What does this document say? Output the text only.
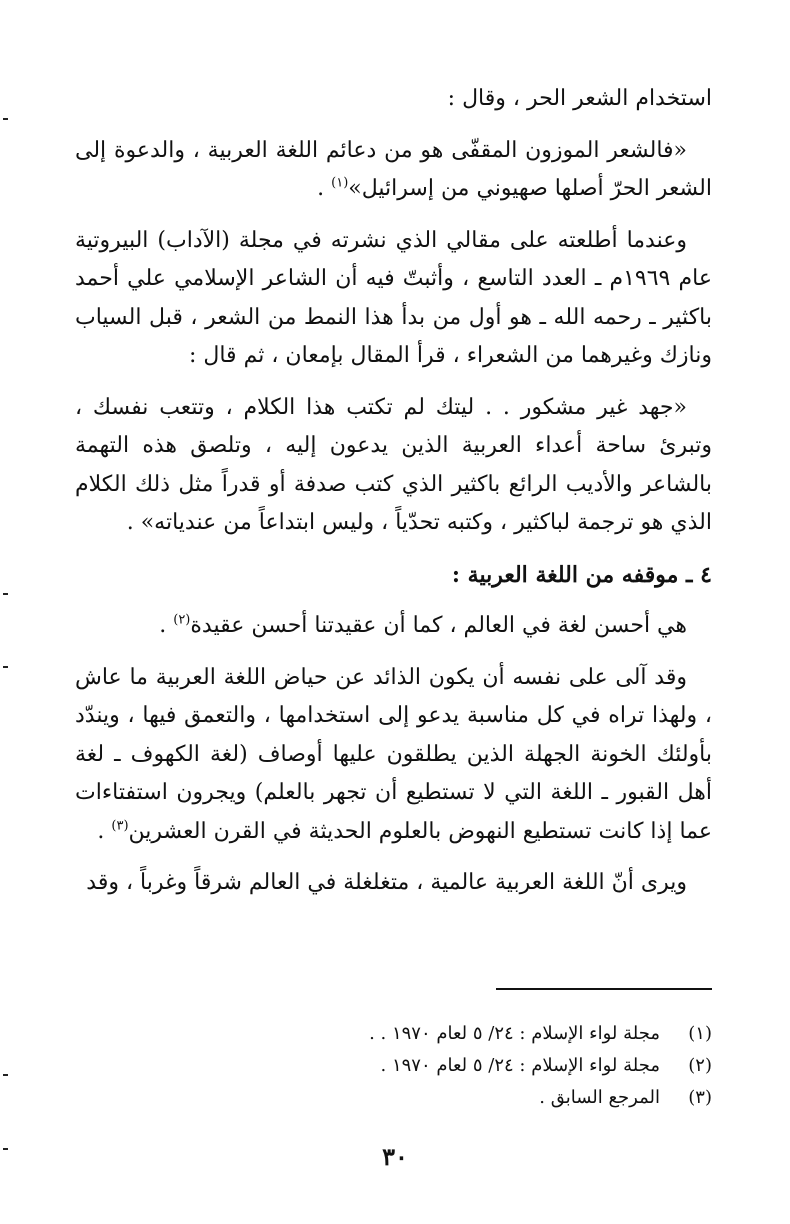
استخدام الشعر الحر ، وقال :

«فالشعر الموزون المقفّى هو من دعائم اللغة العربية ، والدعوة إلى الشعر الحرّ أصلها صهيوني من إسرائيل»$^{(١)}$ .

وعندما أطلعته على مقالي الذي نشرته في مجلة (الآداب) البيروتية عام ١٩٦٩م ـ العدد التاسع ، وأثبتّ فيه أن الشاعر الإسلامي علي أحمد باكثير ـ رحمه الله ـ هو أول من بدأ هذا النمط من الشعر ، قبل السياب ونازك وغيرهما من الشعراء ، قرأ المقال بإمعان ، ثم قال :

«جهد غير مشكور . . ليتك لم تكتب هذا الكلام ، وتتعب نفسك ، وتبرئ ساحة أعداء العربية الذين يدعون إليه ، وتلصق هذه التهمة بالشاعر والأديب الرائع باكثير الذي كتب صدفة أو قدراً مثل ذلك الكلام الذي هو ترجمة لباكثير ، وكتبه تحدّياً ، وليس ابتداعاً من عندياته» .

٤ ـ موقفه من اللغة العربية :

هي أحسن لغة في العالم ، كما أن عقيدتنا أحسن عقيدة$^{(٢)}$ .

وقد آلى على نفسه أن يكون الذائد عن حياض اللغة العربية ما عاش ، ولهذا تراه في كل مناسبة يدعو إلى استخدامها ، والتعمق فيها ، ويندّد بأولئك الخونة الجهلة الذين يطلقون عليها أوصاف (لغة الكهوف ـ لغة أهل القبور ـ اللغة التي لا تستطيع أن تجهر بالعلم) ويجرون استفتاءات عما إذا كانت تستطيع النهوض بالعلوم الحديثة في القرن العشرين$^{(٣)}$ .

ويرى أنّ اللغة العربية عالمية ، متغلغلة في العالم شرقاً وغرباً ، وقد

(١)مجلة لواء الإسلام : ٢٤/ ٥ لعام ١٩٧٠ . .
(٢)مجلة لواء الإسلام : ٢٤/ ٥ لعام ١٩٧٠ .
(٣)المرجع السابق .
٣٠
